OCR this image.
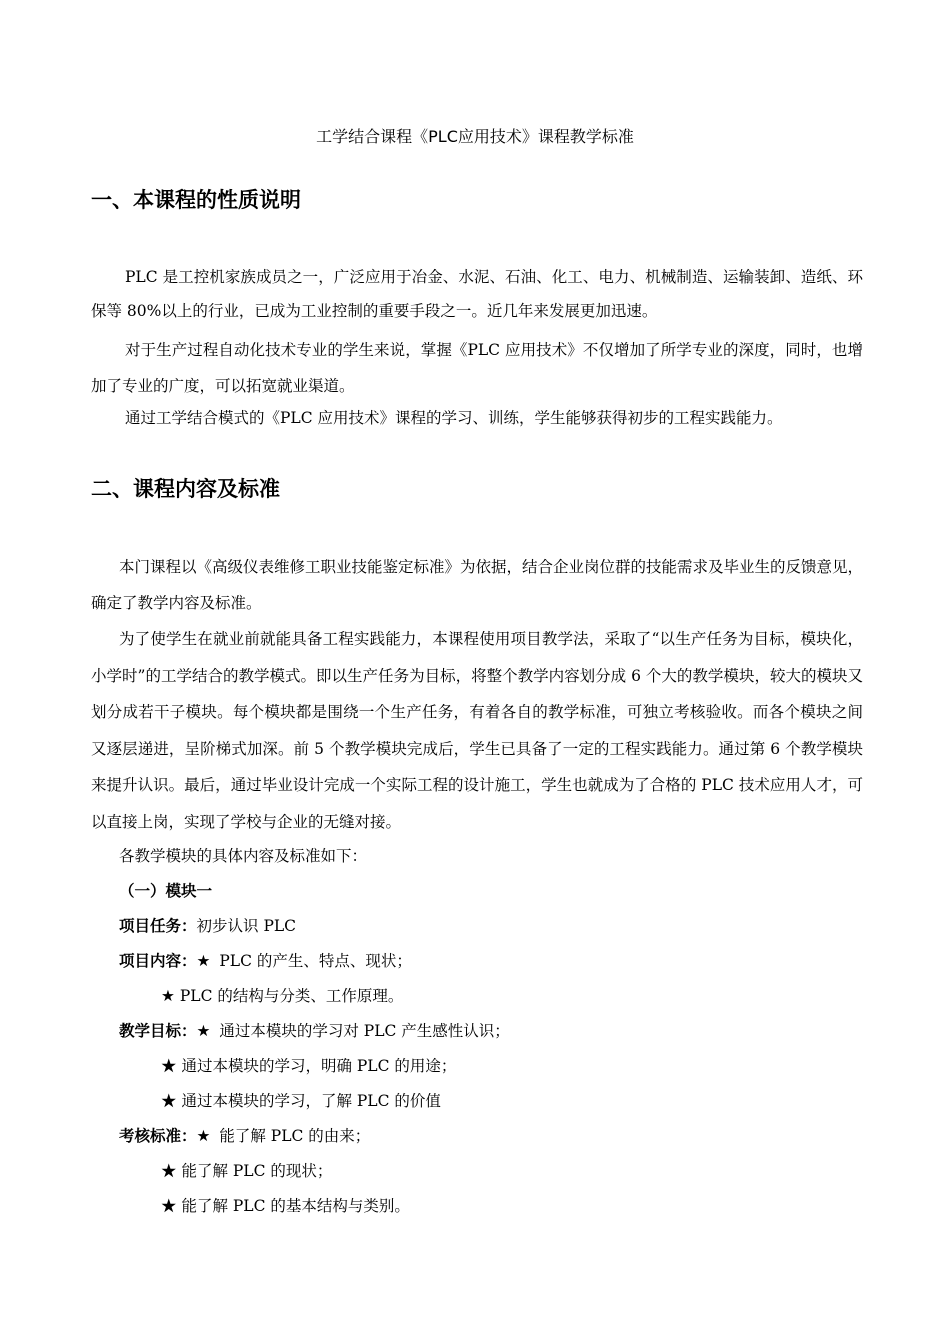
工学结合课程《PLC应用技术》课程教学标准
一、本课程的性质说明

PLC 是工控机家族成员之一，广泛应用于冶金、水泥、石油、化工、电力、机械制造、运输装卸、造纸、环保等 80%以上的行业，已成为工业控制的重要手段之一。近几年来发展更加迅速。

对于生产过程自动化技术专业的学生来说，掌握《PLC 应用技术》不仅增加了所学专业的深度，同时，也增加了专业的广度，可以拓宽就业渠道。

通过工学结合模式的《PLC 应用技术》课程的学习、训练，学生能够获得初步的工程实践能力。

二、课程内容及标准

本门课程以《高级仪表维修工职业技能鉴定标准》为依据，结合企业岗位群的技能需求及毕业生的反馈意见，确定了教学内容及标准。

为了使学生在就业前就能具备工程实践能力，本课程使用项目教学法，采取了“以生产任务为目标，模块化，小学时”的工学结合的教学模式。即以生产任务为目标，将整个教学内容划分成 6 个大的教学模块，较大的模块又划分成若干子模块。每个模块都是围绕一个生产任务，有着各自的教学标准，可独立考核验收。而各个模块之间又逐层递进，呈阶梯式加深。前 5 个教学模块完成后，学生已具备了一定的工程实践能力。通过第 6 个教学模块来提升认识。最后，通过毕业设计完成一个实际工程的设计施工，学生也就成为了合格的 PLC 技术应用人才，可以直接上岗，实现了学校与企业的无缝对接。

各教学模块的具体内容及标准如下：

（一）模块一
项目任务：初步认识 PLC
项目内容：★ PLC 的产生、特点、现状；
★ PLC 的结构与分类、工作原理。
教学目标：★ 通过本模块的学习对 PLC 产生感性认识；
★ 通过本模块的学习，明确 PLC 的用途；
★ 通过本模块的学习，了解 PLC 的价值
考核标准：★ 能了解 PLC 的由来；
★ 能了解 PLC 的现状；
★ 能了解 PLC 的基本结构与类别。
